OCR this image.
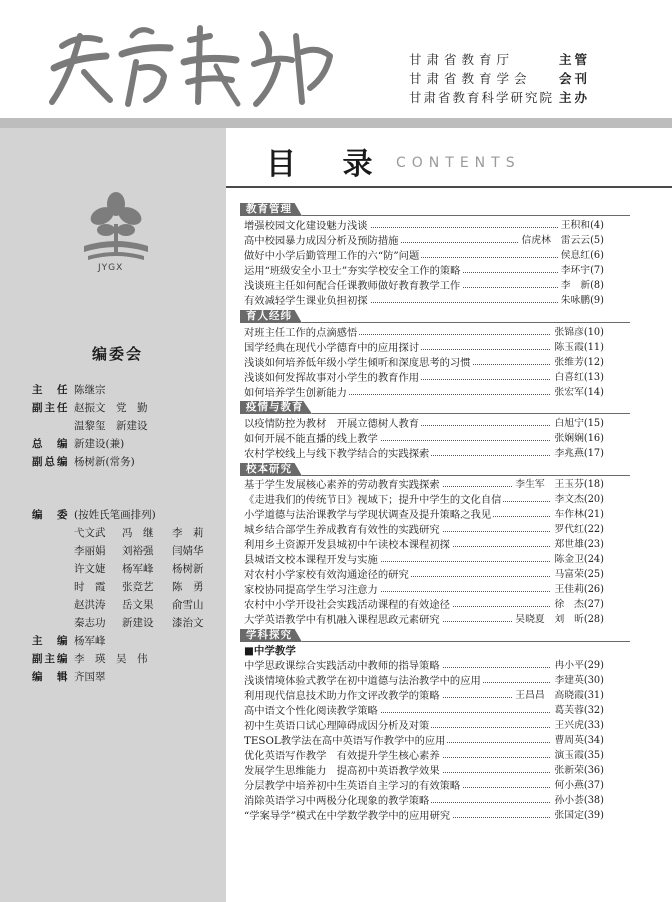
甘肃省教育厅	主管
甘肃省教育学会 会刊
甘肃省教育科学研究院 主办
JYGX
编委会
主　任 陈继宗
副主任 赵振文　党　勤
温黎玺　新建设
总　编 新建设(兼)
副总编 杨树新(常务)
编　委 (按姓氏笔画排列)
弋文武 冯　继 李　莉
李丽娟 刘裕强 闫婧华
许文婕 杨军峰 杨树新
时　霞 张竞艺 陈　勇
赵洪涛 岳文果 俞雪山
秦志功 新建设 漆治文
主　编 杨军峰
副主编 李　瑛　吴　伟
编　辑 齐国翠
目 录 CONTENTS
教育管理
增强校园文化建设魅力浅谈	王积和(4)
高中校园暴力成因分析及预防措施	信虎林　雷云云(5)
做好中小学后勤管理工作的六“防”问题	侯息红(6)
运用“班级安全小卫士”夯实学校安全工作的策略	李环宇(7)
浅谈班主任如何配合任课教师做好教育教学工作	李　新(8)
有效减轻学生课业负担初探	朱咏鹏(9)
育人经纬
对班主任工作的点滴感悟	张锦彦(10)
国学经典在现代小学德育中的应用探讨	陈玉霞(11)
浅谈如何培养低年级小学生倾听和深度思考的习惯	张维芳(12)
浅谈如何发挥故事对小学生的教育作用	白喜红(13)
如何培养学生创新能力	张宏军(14)
疫情与教育
以疫情防控为教材　开展立德树人教育	白旭宁(15)
如何开展不能直播的线上教学	张娴娴(16)
农村学校线上与线下教学结合的实践探索	李兆燕(17)
校本研究
基于学生发展核心素养的劳动教育实践探索	李生军　王玉芬(18)
《走进我们的传统节日》视域下；提升中学生的文化自信	李文杰(20)
小学道德与法治课教学与学现状调查及提升策略之我见	车作林(21)
城乡结合部学生养成教育有效性的实践研究	罗代红(22)
利用乡土资源开发县城初中午读校本课程初探	郑世雄(23)
县城语文校本课程开发与实施	陈金卫(24)
对农村小学家校有效沟通途径的研究	马富荣(25)
家校协同提高学生学习注意力	王佳莉(26)
农村中小学开设社会实践活动课程的有效途径	徐　杰(27)
大学英语教学中有机融入课程思政元素研究	吴晓夏　刘　昕(28)
学科探究
■中学教学
中学思政课综合实践活动中教师的指导策略	冉小平(29)
浅谈情境体验式教学在初中道德与法治教学中的应用	李建英(30)
利用现代信息技术助力作文评改教学的策略	王昌昌　高晓霞(31)
高中语文个性化阅读教学策略	葛芙蓉(32)
初中生英语口试心理障碍成因分析及对策	王兴虎(33)
TESOL教学法在高中英语写作教学中的应用	曹周英(34)
优化英语写作教学　有效提升学生核心素养	演玉霞(35)
发展学生思维能力　提高初中英语教学效果	张新荣(36)
分层教学中培养初中生英语自主学习的有效策略	何小燕(37)
消除英语学习中两极分化现象的教学策略	孙小荟(38)
“学案导学”模式在中学数学教学中的应用研究	张国定(39)
